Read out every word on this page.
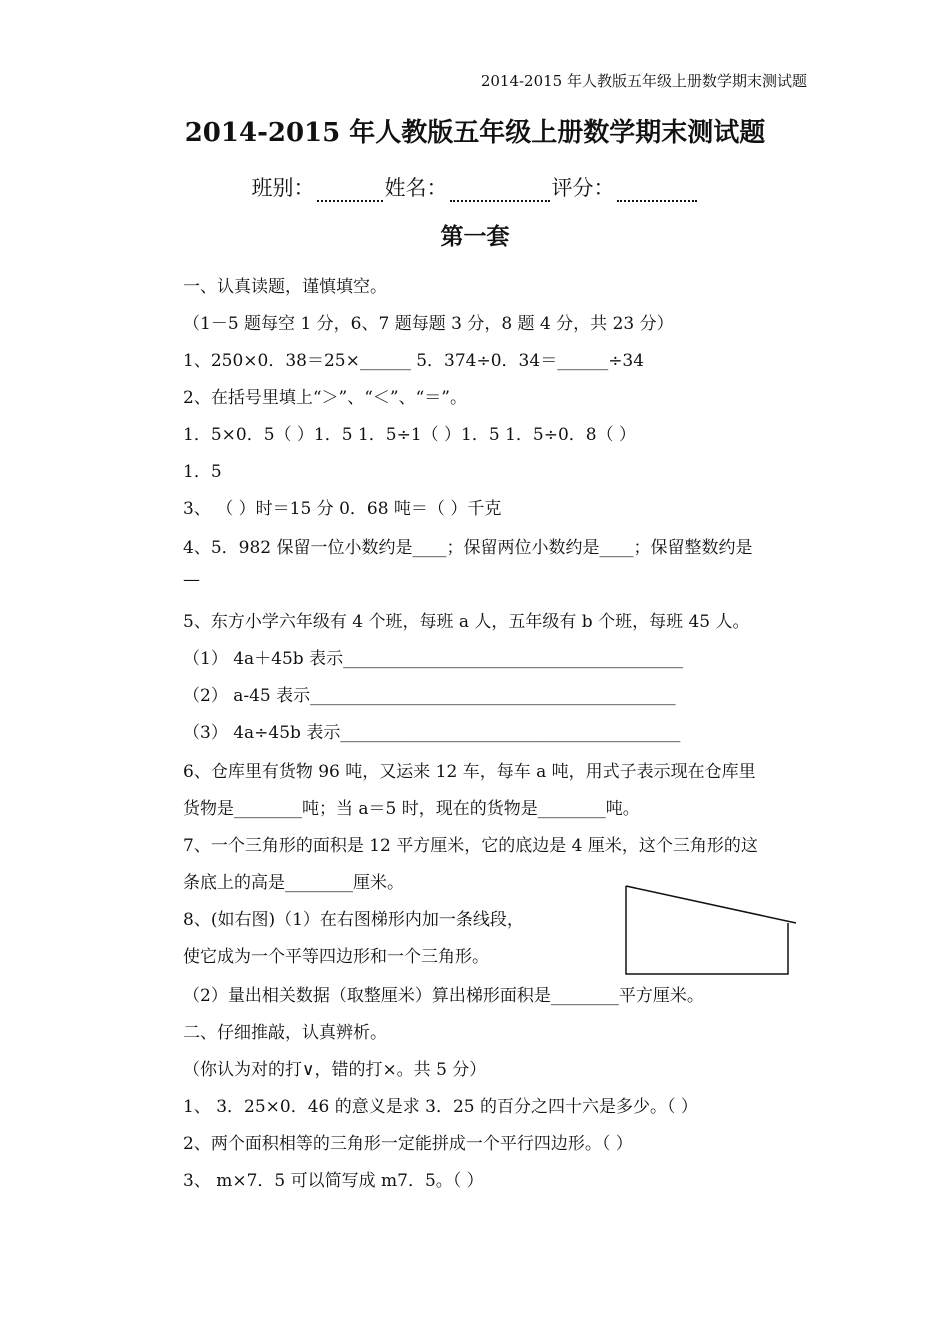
2014-2015 年人教版五年级上册数学期末测试题
2014-2015 年人教版五年级上册数学期末测试题
班别：	姓名：	评分：
第一套
一、认真读题，谨慎填空。
（1－5 题每空 1 分，6、7 题每题 3 分，8 题 4 分，共 23 分）
1、250×0．38＝25×______ 5．374÷0．34＝______÷34
2、在括号里填上“＞”、“＜”、“＝”。
1．5×0．5（ ）1．5 1．5÷1（ ）1．5 1．5÷0．8（ ）
1．5
3、 （ ）时＝15 分 0．68 吨＝（ ）千克
4、5．982 保留一位小数约是____；保留两位小数约是____；保留整数约是
—
5、东方小学六年级有 4 个班，每班 a 人，五年级有 b 个班，每班 45 人。
（1） 4a＋45b 表示________________________________________
（2） a-45 表示___________________________________________
（3） 4a÷45b 表示________________________________________
6、仓库里有货物 96 吨，又运来 12 车，每车 a 吨，用式子表示现在仓库里
货物是________吨；当 a＝5 时，现在的货物是________吨。
7、一个三角形的面积是 12 平方厘米，它的底边是 4 厘米，这个三角形的这
条底上的高是________厘米。
8、(如右图)（1）在右图梯形内加一条线段，
使它成为一个平等四边形和一个三角形。
（2）量出相关数据（取整厘米）算出梯形面积是________平方厘米。
二、仔细推敲，认真辨析。
（你认为对的打∨，错的打×。共 5 分）
1、 3．25×0．46 的意义是求 3．25 的百分之四十六是多少。（ ）
2、两个面积相等的三角形一定能拼成一个平行四边形。（ ）
3、 m×7．5 可以简写成 m7．5。（ ）
